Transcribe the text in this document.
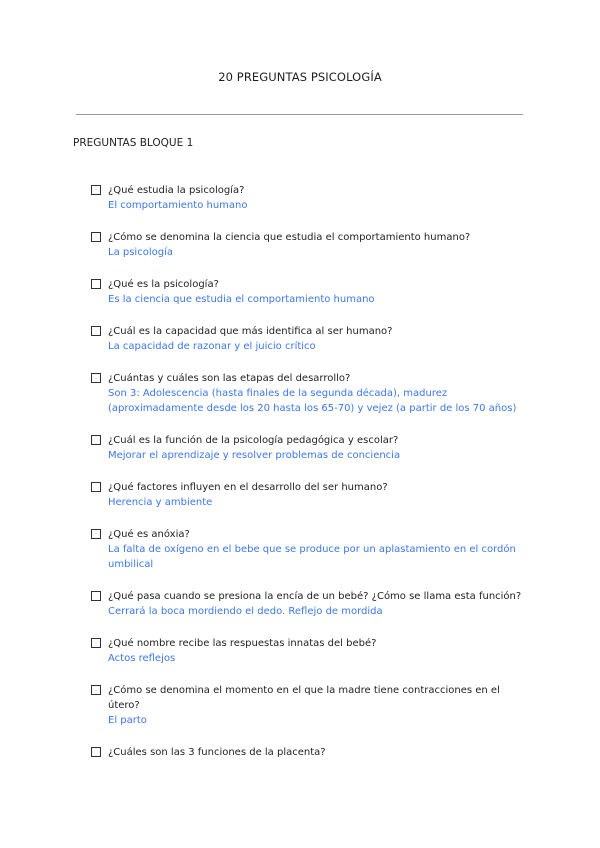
20 PREGUNTAS PSICOLOGÍA
PREGUNTAS BLOQUE 1
¿Qué estudia la psicología?
El comportamiento humano
¿Cómo se denomina la ciencia que estudia el comportamiento humano?
La psicología
¿Qué es la psicología?
Es la ciencia que estudia el comportamiento humano
¿Cuál es la capacidad que más identifica al ser humano?
La capacidad de razonar y el juicio crítico
¿Cuántas y cuáles son las etapas del desarrollo?
Son 3: Adolescencia (hasta finales de la segunda década), madurez (aproximadamente desde los 20 hasta los 65-70) y vejez (a partir de los 70 años)
¿Cuál es la función de la psicología pedagógica y escolar?
Mejorar el aprendizaje y resolver problemas de conciencia
¿Qué factores influyen en el desarrollo del ser humano?
Herencia y ambiente
¿Qué es anóxia?
La falta de oxígeno en el bebe que se produce por un aplastamiento en el cordón umbilical
¿Qué pasa cuando se presiona la encía de un bebé? ¿Cómo se llama esta función?
Cerrará la boca mordiendo el dedo. Reflejo de mordida
¿Qué nombre recibe las respuestas innatas del bebé?
Actos reflejos
¿Cómo se denomina el momento en el que la madre tiene contracciones en el útero?
El parto
¿Cuáles son las 3 funciones de la placenta?
